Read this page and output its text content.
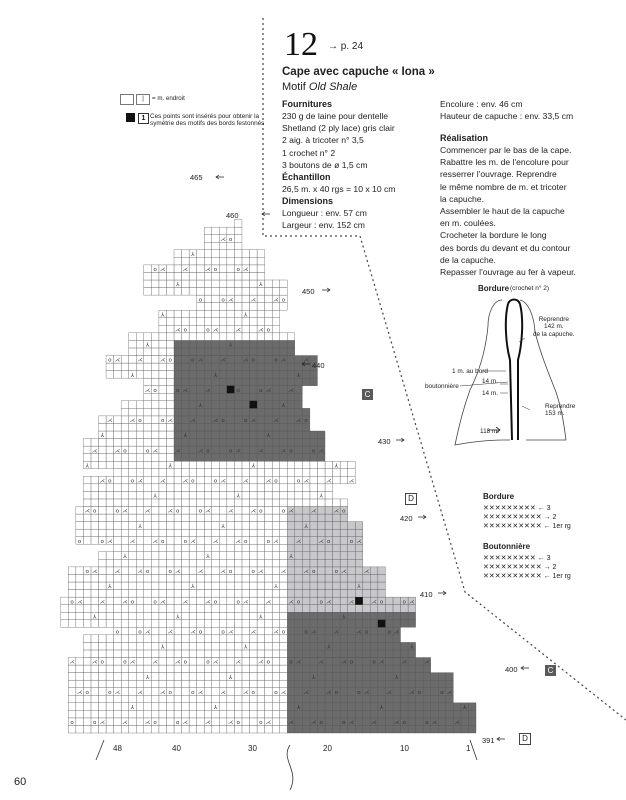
⋌
⋌
o
o
⋌
⋌
⋌
o
o
⋌
⋌
⋌
o
o
⋌
⋌
⋌
o
o
⋌
⋌
⋌
o
o
⅄
⅄
⅄
⅄
⅄
⋌
o
o
⋌
⋌
⋌
o
o
⋌
⋌
⋌
o
o
⋌
⋌
⋌
o
o
⋌
⋌
⋌
o
o
⋌
⅄
⅄
⅄
⅄
⋌
⋌
⋌
o
o
⋌
⋌
⋌
o
o
⋌
⋌
⋌
o
o
⋌
⋌
⋌
o
o
⋌
⋌
⅄
⅄
⅄
⅄
⋌
o
o
⋌
⋌
⋌
o
o
⋌
⋌
⋌
o
o
⋌
⋌
⋌
o
o
⅄
⅄
⅄
⅄
⋌
o
o
⋌
⋌
⋌
o
o
⋌
⋌
⋌
o
o
⋌
⋌
⋌
o
o
⋌
⋌
⋌
o
⅄
⅄
⅄
⅄
⋌
⋌
o
o
⋌
⋌
⋌
o
o
⋌
⋌
⋌
o
o
⋌
⋌
⋌
o
⅄
⅄
⅄
⋌
o
o
⋌
⋌
⋌
o
o
⋌
⋌
⋌
o
o
⋌
⋌
⋌
o
o
⅄
⅄
⅄
o
⋌
⋌
⋌
o
o
⋌
⋌
⋌
o
o
⋌
⋌
⋌
o
o
⋌
⅄
⅄
⅄
⋌
⋌
⋌
o
o
⋌
⋌
⋌
o
o
⋌
⋌
⋌
o
o
⋌
⅄
⅄
⅄
⅄
⋌
o
o
⋌
⋌
⋌
o
o
⋌
⋌
⋌
o
o
⋌
⋌
⅄
⅄
⅄
o
⋌
⋌
⋌
o
o
⋌
⋌
⋌
o
o
⋌
⋌
⅄
⅄
⋌
⋌
o
o
⋌
⋌
o
o
⋌
⅄
⅄
⅄
⋌
⋌
o
o
⋌
⋌
⋌
o
o
⋌
⋌
⋌
o
⅄
⅄
o
⋌
⋌
⋌
o
o
⋌
⅄
⅄
o
⋌
⋌
⋌
o
o
⅄
⅄
⋌
o
o
⋌
⋌
⋌
o
⅄
o
⋌
60
12 → p. 24
Cape avec capuche « Iona »
Motif Old Shale
Fournitures
230 g de laine pour dentelle
Shetland (2 ply lace) gris clair
2 aig. à tricoter n° 3,5
1 crochet n° 2
3 boutons de ø 1,5 cm
Échantillon
26,5 m. x 40 rgs = 10 x 10 cm
Dimensions
Longueur : env. 57 cm
Largeur : env. 152 cm
Encolure : env. 46 cm
Hauteur de capuche : env. 33,5 cm
Réalisation
Commencer par le bas de la cape.
Rabattre les m. de l'encolure pour
resserrer l'ouvrage. Reprendre
le même nombre de m. et tricoter
la capuche.
Assembler le haut de la capuche
en m. coulées.
Crocheter la bordure le long
des bords du devant et du contour
de la capuche.
Repasser l'ouvrage au fer à vapeur.
|	= m. endroit
1 Ces points sont insérés pour obtenir la symétrie des motifs des bords festonnés
465
460
450
440
430
420
410
400
391
C
D
C
D
48	40	30	20	10	1
Bordure (crochet n° 2)
Reprendre
142 m.
de la capuche.
1 m. au bord
14 m.
boutonnière
14 m.
Reprendre
153 m.
118 m.
Bordure
✕✕✕✕✕✕✕✕✕ ← 3
✕✕✕✕✕✕✕✕✕✕ → 2
✕✕✕✕✕✕✕✕✕✕ ← 1er rg
Boutonnière
✕✕✕✕✕✕✕✕✕ ← 3
✕✕✕✕✕✕✕✕✕✕ → 2
✕✕✕✕✕✕✕✕✕✕ ← 1er rg
